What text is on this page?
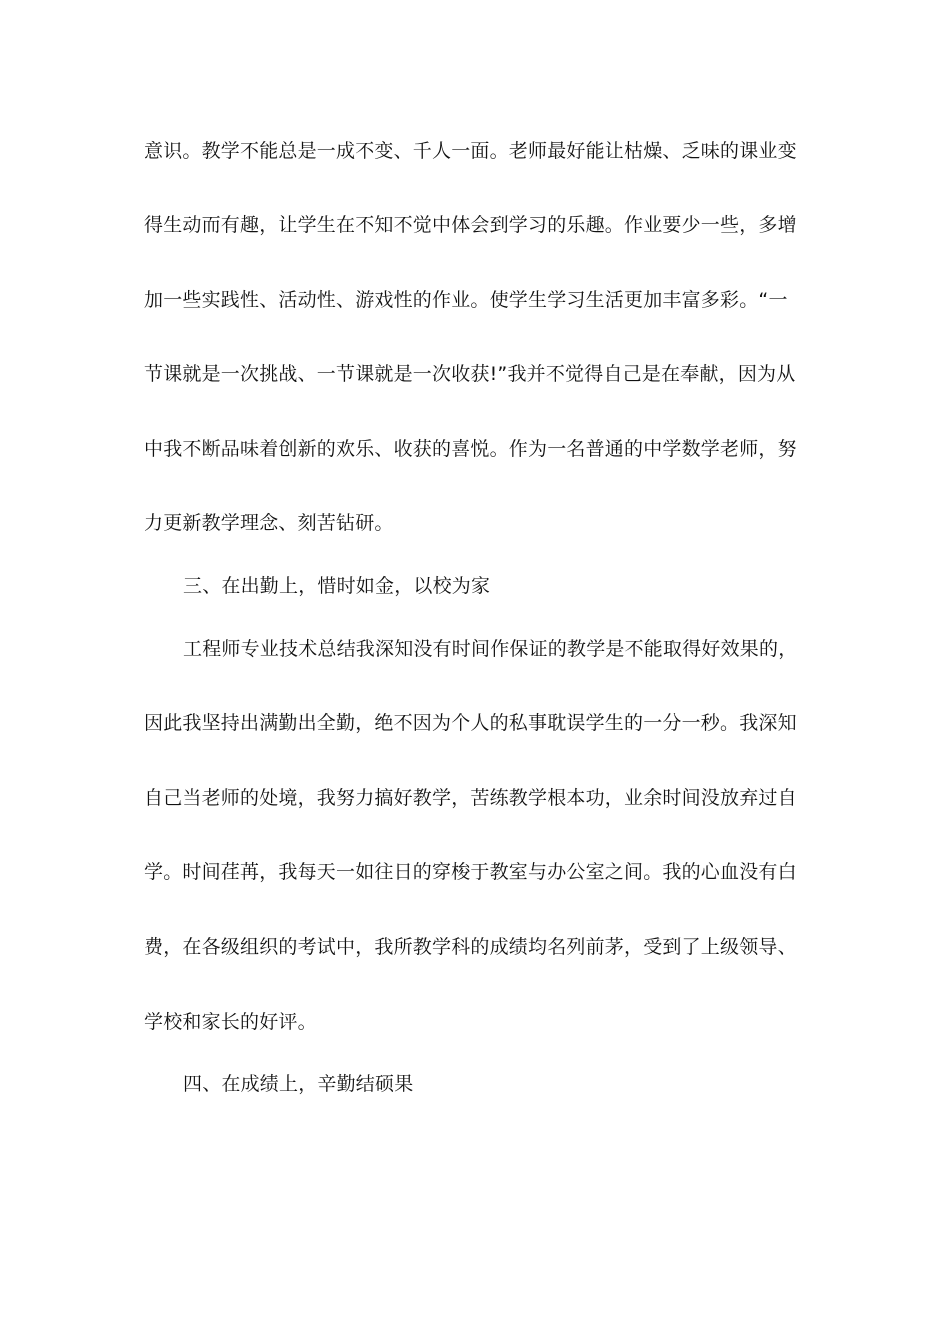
意识。教学不能总是一成不变、千人一面。老师最好能让枯燥、乏味的课业变
得生动而有趣，让学生在不知不觉中体会到学习的乐趣。作业要少一些，多增
加一些实践性、活动性、游戏性的作业。使学生学习生活更加丰富多彩。“一
节课就是一次挑战、一节课就是一次收获!”我并不觉得自己是在奉献，因为从
中我不断品味着创新的欢乐、收获的喜悦。作为一名普通的中学数学老师，努
力更新教学理念、刻苦钻研。
三、在出勤上，惜时如金，以校为家
工程师专业技术总结我深知没有时间作保证的教学是不能取得好效果的，
因此我坚持出满勤出全勤，绝不因为个人的私事耽误学生的一分一秒。我深知
自己当老师的处境，我努力搞好教学，苦练教学根本功，业余时间没放弃过自
学。时间荏苒，我每天一如往日的穿梭于教室与办公室之间。我的心血没有白
费，在各级组织的考试中，我所教学科的成绩均名列前茅，受到了上级领导、
学校和家长的好评。
四、在成绩上，辛勤结硕果
